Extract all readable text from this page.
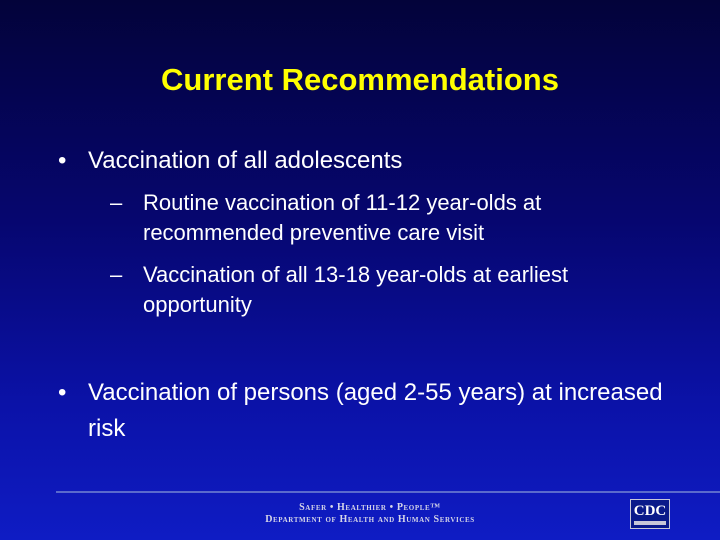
Current Recommendations
• Vaccination of all adolescents
– Routine vaccination of 11-12 year-olds at recommended preventive care visit
– Vaccination of all 13-18 year-olds at earliest opportunity
• Vaccination of persons (aged 2-55 years) at increased risk
Safer • Healthier • People™
Department of Health and Human Services
CDC
